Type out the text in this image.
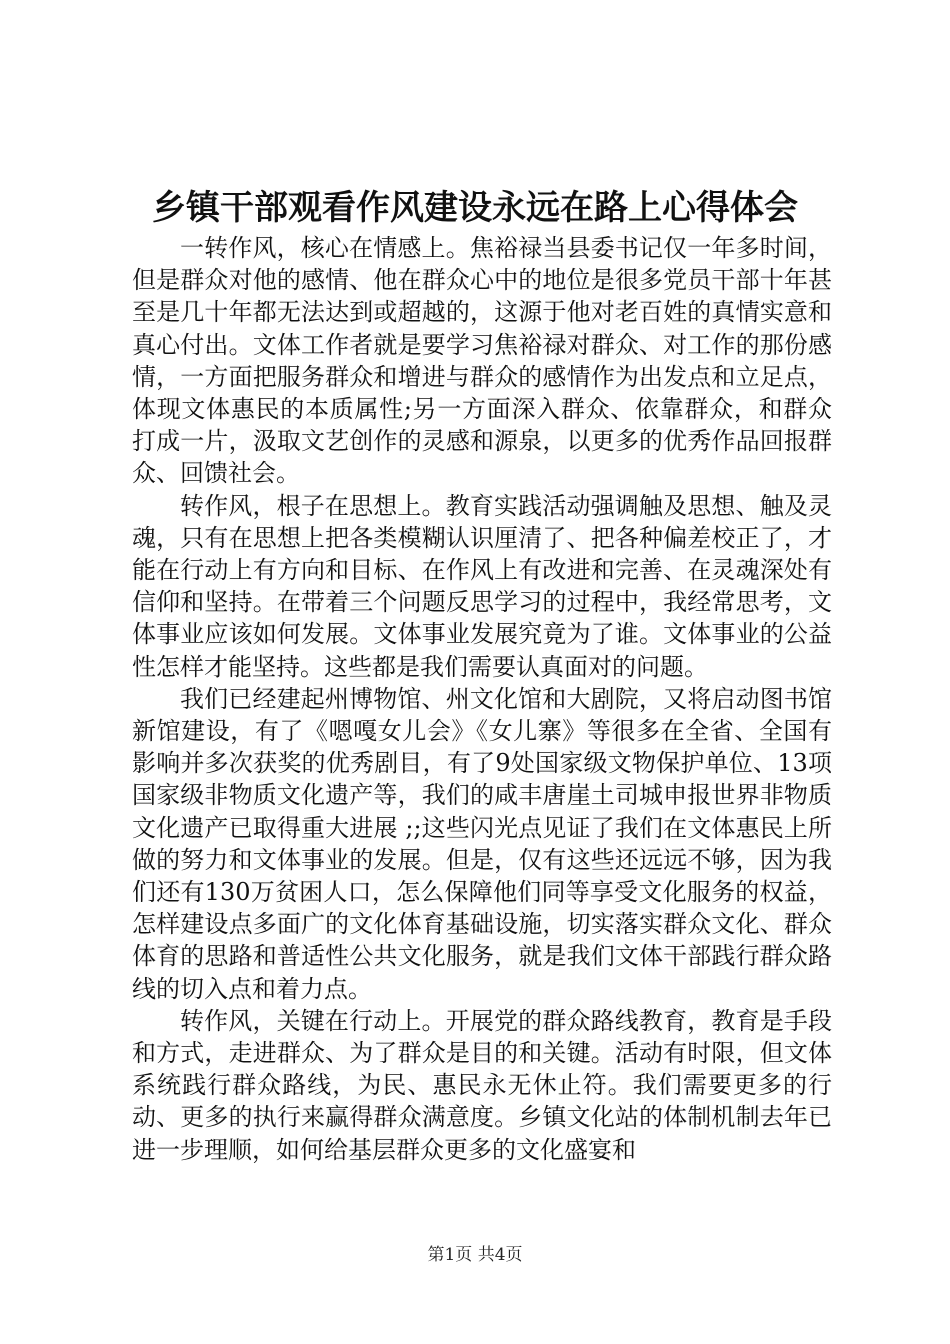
乡镇干部观看作风建设永远在路上心得体会

一转作风，核心在情感上。焦裕禄当县委书记仅一年多时间，但是群众对他的感情、他在群众心中的地位是很多党员干部十年甚至是几十年都无法达到或超越的，这源于他对老百姓的真情实意和真心付出。文体工作者就是要学习焦裕禄对群众、对工作的那份感情，一方面把服务群众和增进与群众的感情作为出发点和立足点，体现文体惠民的本质属性;另一方面深入群众、依靠群众，和群众打成一片，汲取文艺创作的灵感和源泉，以更多的优秀作品回报群众、回馈社会。

转作风，根子在思想上。教育实践活动强调触及思想、触及灵魂，只有在思想上把各类模糊认识厘清了、把各种偏差校正了，才能在行动上有方向和目标、在作风上有改进和完善、在灵魂深处有信仰和坚持。在带着三个问题反思学习的过程中，我经常思考，文体事业应该如何发展。文体事业发展究竟为了谁。文体事业的公益性怎样才能坚持。这些都是我们需要认真面对的问题。

我们已经建起州博物馆、州文化馆和大剧院，又将启动图书馆新馆建设，有了《嗯嘎女儿会》《女儿寨》等很多在全省、全国有影响并多次获奖的优秀剧目，有了9处国家级文物保护单位、13项国家级非物质文化遗产等，我们的咸丰唐崖土司城申报世界非物质文化遗产已取得重大进展 ;;这些闪光点见证了我们在文体惠民上所做的努力和文体事业的发展。但是，仅有这些还远远不够，因为我们还有130万贫困人口，怎么保障他们同等享受文化服务的权益，怎样建设点多面广的文化体育基础设施，切实落实群众文化、群众体育的思路和普适性公共文化服务，就是我们文体干部践行群众路线的切入点和着力点。

转作风，关键在行动上。开展党的群众路线教育，教育是手段和方式，走进群众、为了群众是目的和关键。活动有时限，但文体系统践行群众路线，为民、惠民永无休止符。我们需要更多的行动、更多的执行来赢得群众满意度。乡镇文化站的体制机制去年已进一步理顺，如何给基层群众更多的文化盛宴和

第1页 共4页
